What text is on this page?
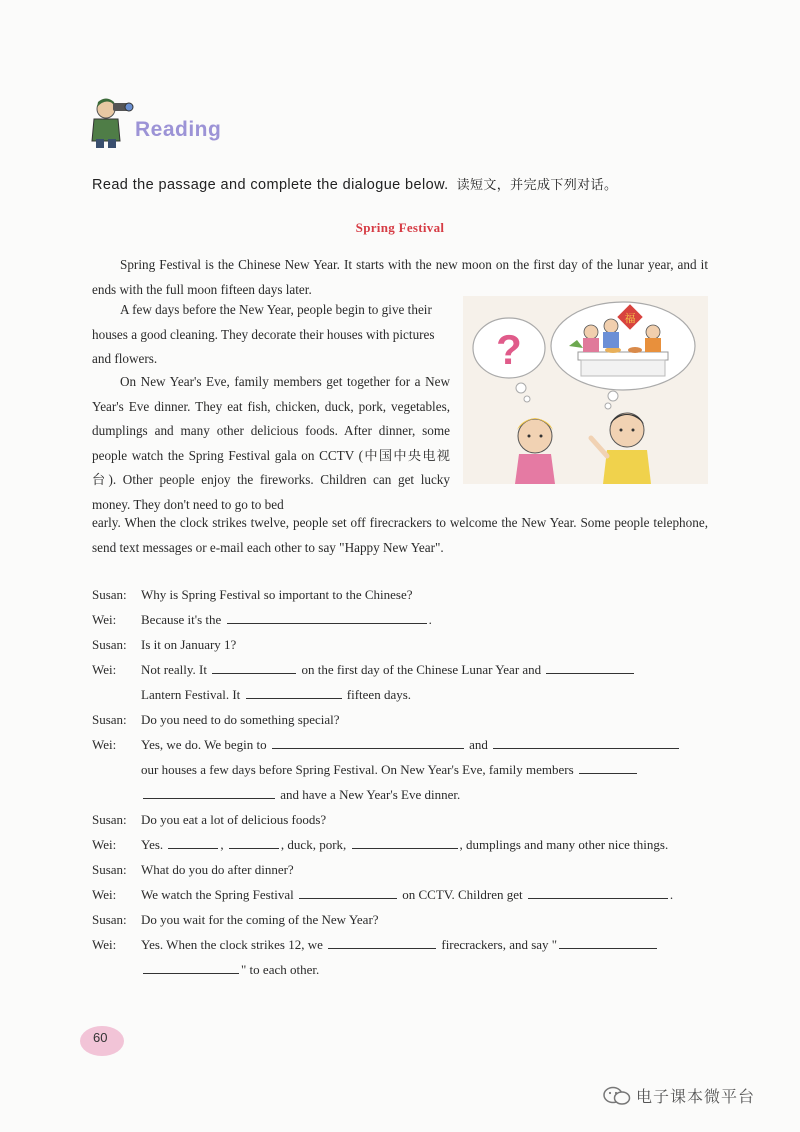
Reading
Read the passage and complete the dialogue below. 读短文，并完成下列对话。
Spring Festival
Spring Festival is the Chinese New Year. It starts with the new moon on the first day of the lunar year, and it ends with the full moon fifteen days later.
A few days before the New Year, people begin to give their houses a good cleaning. They decorate their houses with pictures and flowers.
On New Year's Eve, family members get together for a New Year's Eve dinner. They eat fish, chicken, duck, pork, vegetables, dumplings and many other delicious foods. After dinner, some people watch the Spring Festival gala on CCTV (中国中央电视台). Other people enjoy the fireworks. Children can get lucky money. They don't need to go to bed
early. When the clock strikes twelve, people set off firecrackers to welcome the New Year. Some people telephone, send text messages or e-mail each other to say "Happy New Year".
?
福
Susan:	Why is Spring Festival so important to the Chinese?
Wei:	Because it's the	.
Susan:	Is it on January 1?
Wei:	Not really. It	on the first day of the Chinese Lunar Year and
Lantern Festival. It	fifteen days.
Susan:	Do you need to do something special?
Wei:	Yes, we do. We begin to	and
our houses a few days before Spring Festival. On New Year's Eve, family members
and have a New Year's Eve dinner.
Susan:	Do you eat a lot of delicious foods?
Wei:	Yes.	,	, duck, pork,	, dumplings and many other nice things.
Susan:	What do you do after dinner?
Wei:	We watch the Spring Festival	on CCTV. Children get	.
Susan:	Do you wait for the coming of the New Year?
Wei:	Yes. When the clock strikes 12, we	firecrackers, and say "
" to each other.
60
电子课本微平台
